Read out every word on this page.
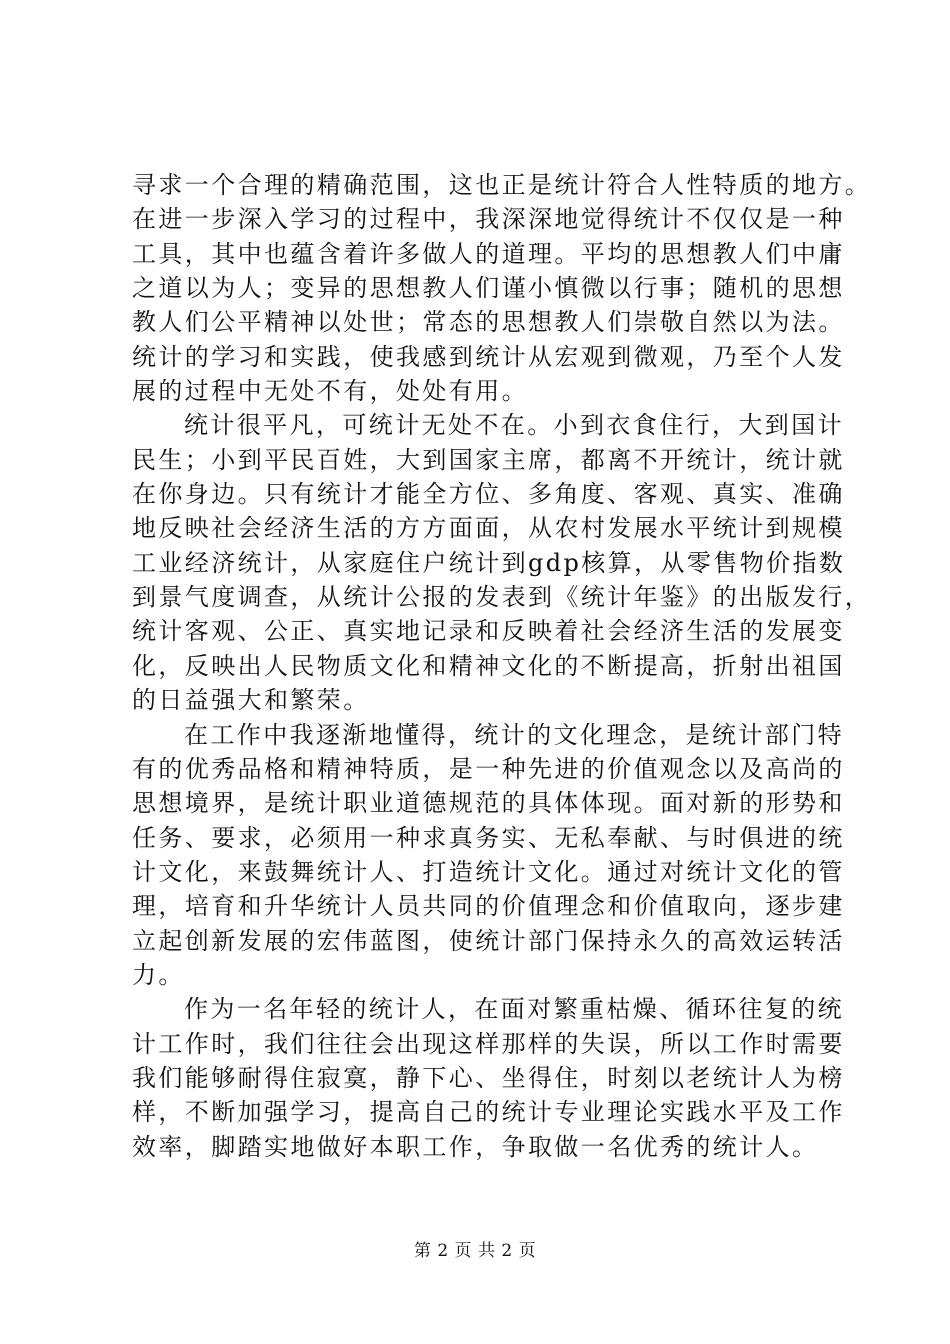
寻求一个合理的精确范围，这也正是统计符合人性特质的地方。
在进一步深入学习的过程中，我深深地觉得统计不仅仅是一种
工具，其中也蕴含着许多做人的道理。平均的思想教人们中庸
之道以为人；变异的思想教人们谨小慎微以行事；随机的思想
教人们公平精神以处世；常态的思想教人们崇敬自然以为法。
统计的学习和实践，使我感到统计从宏观到微观，乃至个人发
展的过程中无处不有，处处有用。
统计很平凡，可统计无处不在。小到衣食住行，大到国计
民生；小到平民百姓，大到国家主席，都离不开统计，统计就
在你身边。只有统计才能全方位、多角度、客观、真实、准确
地反映社会经济生活的方方面面，从农村发展水平统计到规模
工业经济统计，从家庭住户统计到gdp核算，从零售物价指数
到景气度调查，从统计公报的发表到《统计年鉴》的出版发行，
统计客观、公正、真实地记录和反映着社会经济生活的发展变
化，反映出人民物质文化和精神文化的不断提高，折射出祖国
的日益强大和繁荣。
在工作中我逐渐地懂得，统计的文化理念，是统计部门特
有的优秀品格和精神特质，是一种先进的价值观念以及高尚的
思想境界，是统计职业道德规范的具体体现。面对新的形势和
任务、要求，必须用一种求真务实、无私奉献、与时俱进的统
计文化，来鼓舞统计人、打造统计文化。通过对统计文化的管
理，培育和升华统计人员共同的价值理念和价值取向，逐步建
立起创新发展的宏伟蓝图，使统计部门保持永久的高效运转活
力。
作为一名年轻的统计人，在面对繁重枯燥、循环往复的统
计工作时，我们往往会出现这样那样的失误，所以工作时需要
我们能够耐得住寂寞，静下心、坐得住，时刻以老统计人为榜
样，不断加强学习，提高自己的统计专业理论实践水平及工作
效率，脚踏实地做好本职工作，争取做一名优秀的统计人。
第 2 页 共 2 页
